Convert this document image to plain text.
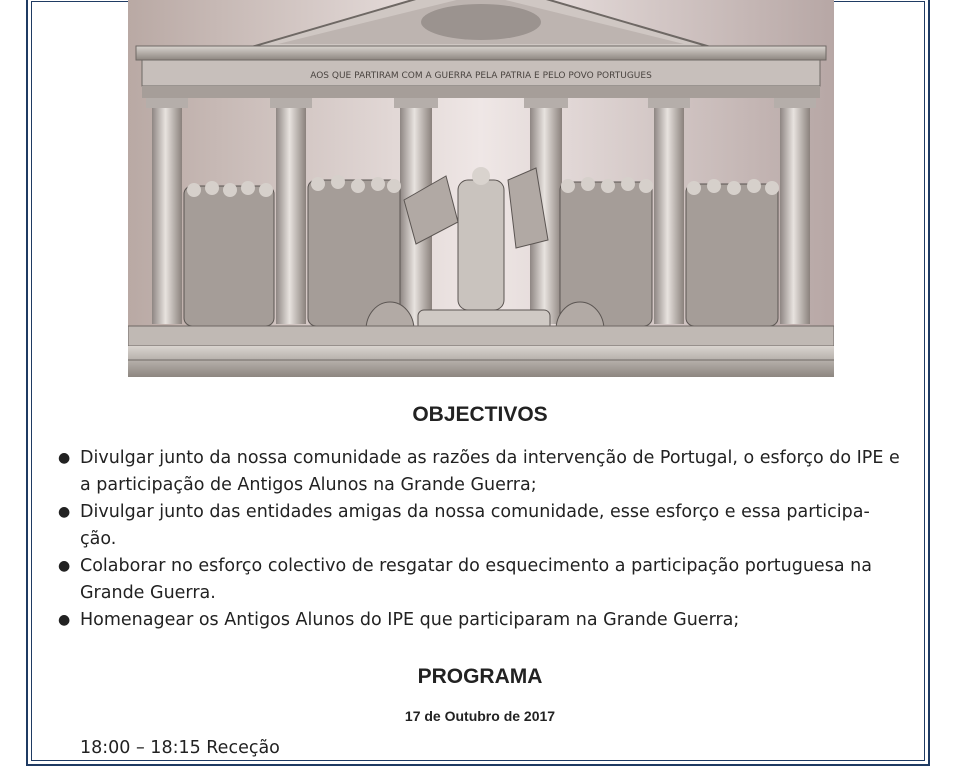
AOS QUE PARTIRAM COM A GUERRA PELA PATRIA E PELO POVO PORTUGUES
OBJECTIVOS
● Divulgar junto da nossa comunidade as razões da intervenção de Portugal, o esforço do IPE e a participação de Antigos Alunos na Grande Guerra;
● Divulgar junto das entidades amigas da nossa comunidade, esse esforço e essa participa-ção.
● Colaborar no esforço colectivo de resgatar do esquecimento a participação portuguesa na Grande Guerra.
● Homenagear os Antigos Alunos do IPE que participaram na Grande Guerra;
PROGRAMA
17 de Outubro de 2017
18:00 – 18:15 Receção
